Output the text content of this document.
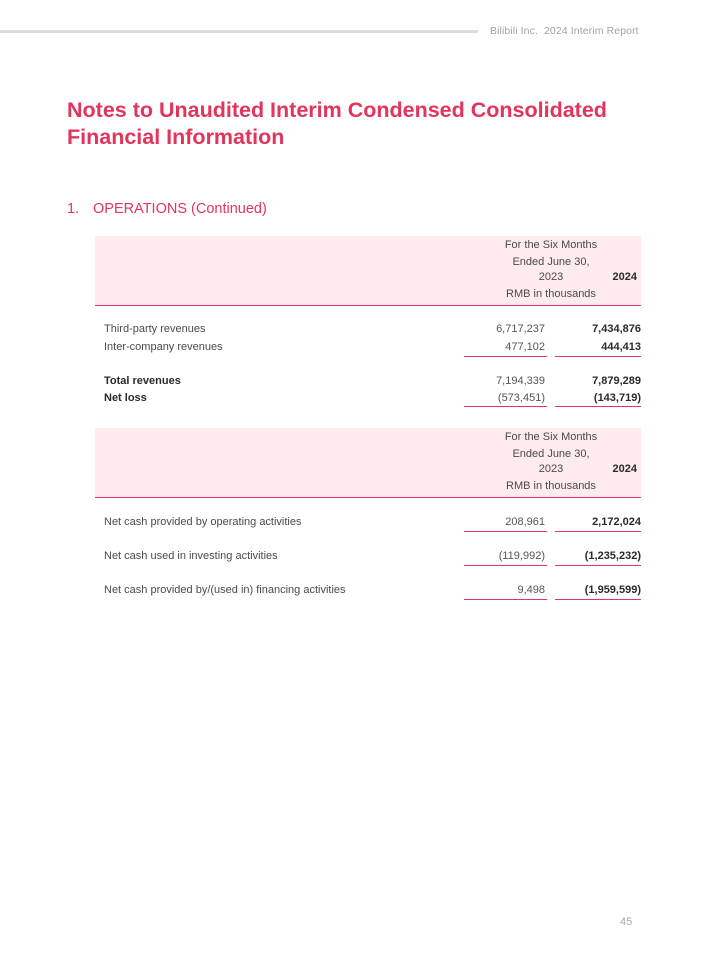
Bilibili Inc. 2024 Interim Report
Notes to Unaudited Interim Condensed Consolidated Financial Information
1. OPERATIONS (Continued)
For the Six Months
Ended June 30,
2023	2024
RMB in thousands
Third-party revenues	6,717,237	7,434,876
Inter-company revenues	477,102	444,413
Total revenues	7,194,339	7,879,289
Net loss	(573,451)	(143,719)
For the Six Months
Ended June 30,
2023	2024
RMB in thousands
Net cash provided by operating activities	208,961	2,172,024
Net cash used in investing activities	(119,992)	(1,235,232)
Net cash provided by/(used in) financing activities	9,498	(1,959,599)
45
